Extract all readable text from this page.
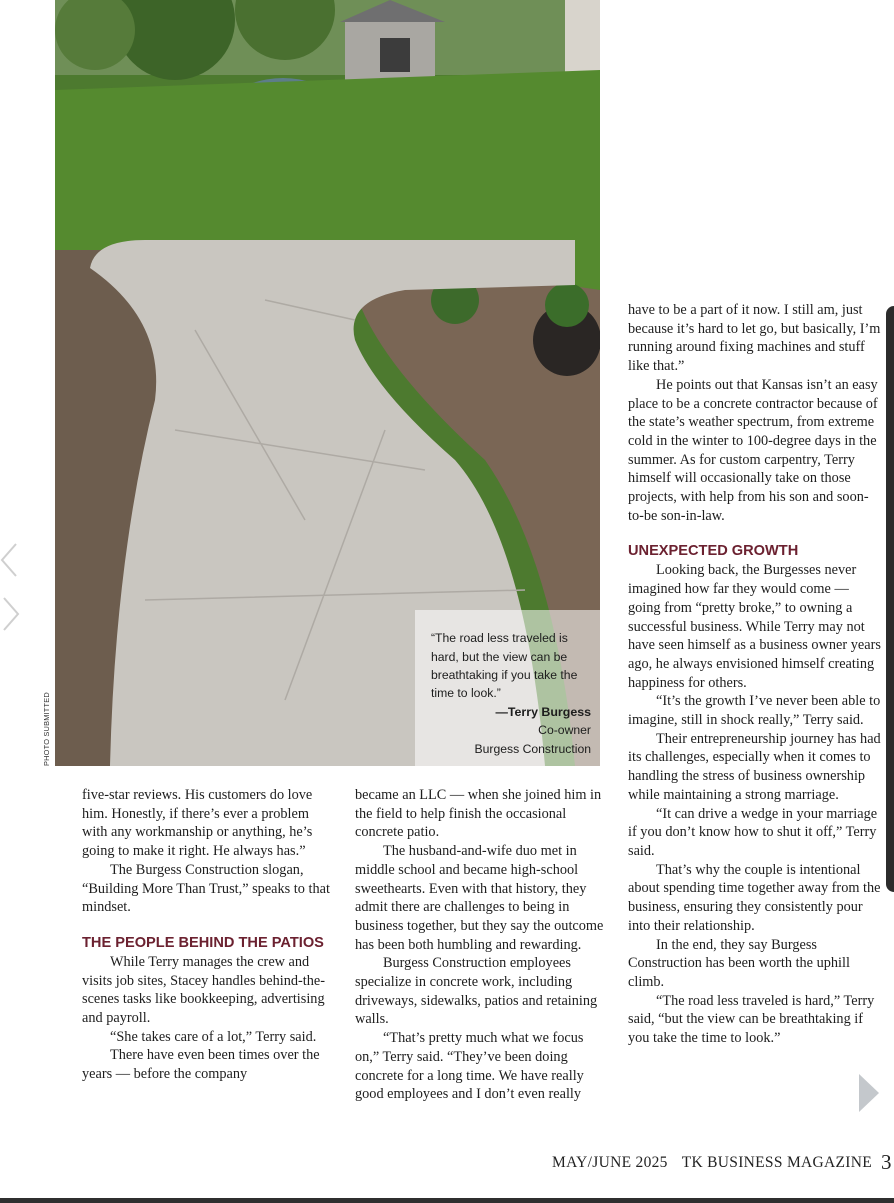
“The road less traveled is hard, but the view can be breathtaking if you take the time to look.”
—Terry Burgess
Co-owner
Burgess Construction
PHOTO SUBMITTED

five-star reviews. His customers do love him. Honestly, if there’s ever a problem with any workmanship or anything, he’s going to make it right. He always has.”

The Burgess Construction slogan, “Building More Than Trust,” speaks to that mindset.

THE PEOPLE BEHIND THE PATIOS

While Terry manages the crew and visits job sites, Stacey handles behind-the-scenes tasks like bookkeeping, advertising and payroll.

“She takes care of a lot,” Terry said.

There have even been times over the years — before the company

became an LLC — when she joined him in the field to help finish the occasional concrete patio.

The husband-and-wife duo met in middle school and became high-school sweethearts. Even with that history, they admit there are challenges to being in business together, but they say the outcome has been both humbling and rewarding.

Burgess Construction employees specialize in concrete work, including driveways, sidewalks, patios and retaining walls.

“That’s pretty much what we focus on,” Terry said. “They’ve been doing concrete for a long time. We have really good employees and I don’t even really

have to be a part of it now. I still am, just because it’s hard to let go, but basically, I’m running around fixing machines and stuff like that.”

He points out that Kansas isn’t an easy place to be a concrete contractor because of the state’s weather spectrum, from extreme cold in the winter to 100-degree days in the summer. As for custom carpentry, Terry himself will occasionally take on those projects, with help from his son and soon-to-be son-in-law.

UNEXPECTED GROWTH

Looking back, the Burgesses never imagined how far they would come — going from “pretty broke,” to owning a successful business. While Terry may not have seen himself as a business owner years ago, he always envisioned himself creating happiness for others.

“It’s the growth I’ve never been able to imagine, still in shock really,” Terry said.

Their entrepreneurship journey has had its challenges, especially when it comes to handling the stress of business ownership while maintaining a strong marriage.

“It can drive a wedge in your marriage if you don’t know how to shut it off,” Terry said.

That’s why the couple is intentional about spending time together away from the business, ensuring they consistently pour into their relationship.

In the end, they say Burgess Construction has been worth the uphill climb.

“The road less traveled is hard,” Terry said, “but the view can be breathtaking if you take the time to look.”

MAY/JUNE 2025 TK BUSINESS MAGAZINE 3
